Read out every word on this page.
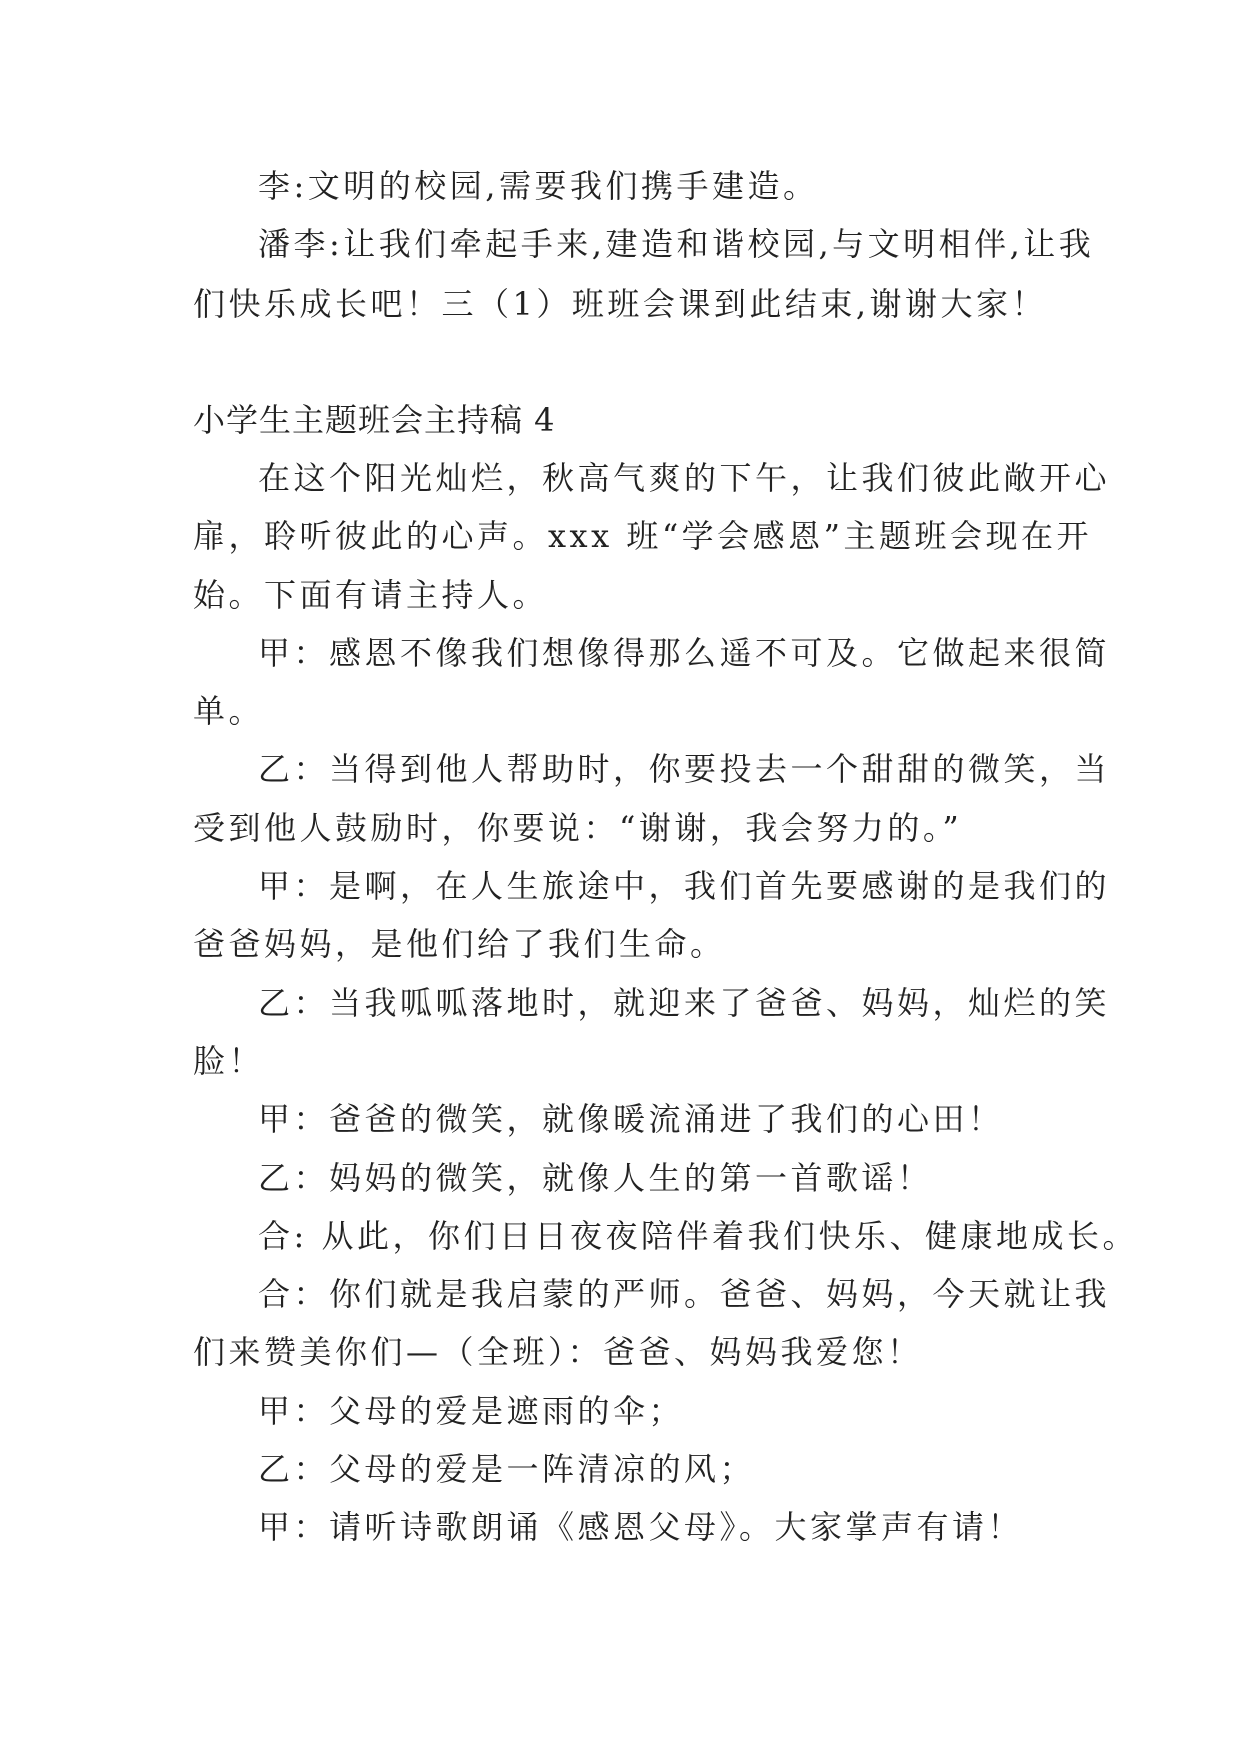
李:文明的校园,需要我们携手建造。
潘李:让我们牵起手来,建造和谐校园,与文明相伴,让我
们快乐成长吧！三（1）班班会课到此结束,谢谢大家！
小学生主题班会主持稿 4
在这个阳光灿烂，秋高气爽的下午，让我们彼此敞开心
扉，聆听彼此的心声。xxx 班“学会感恩”主题班会现在开
始。下面有请主持人。
甲：感恩不像我们想像得那么遥不可及。它做起来很简
单。
乙：当得到他人帮助时，你要投去一个甜甜的微笑，当
受到他人鼓励时，你要说：“谢谢，我会努力的。”
甲：是啊，在人生旅途中，我们首先要感谢的是我们的
爸爸妈妈，是他们给了我们生命。
乙：当我呱呱落地时，就迎来了爸爸、妈妈，灿烂的笑
脸！
甲：爸爸的微笑，就像暖流涌进了我们的心田！
乙：妈妈的微笑，就像人生的第一首歌谣！
合: 从此，你们日日夜夜陪伴着我们快乐、健康地成长。
合：你们就是我启蒙的严师。爸爸、妈妈，今天就让我
们来赞美你们—（全班）：爸爸、妈妈我爱您！
甲：父母的爱是遮雨的伞；
乙：父母的爱是一阵清凉的风；
甲：请听诗歌朗诵《感恩父母》。大家掌声有请！
